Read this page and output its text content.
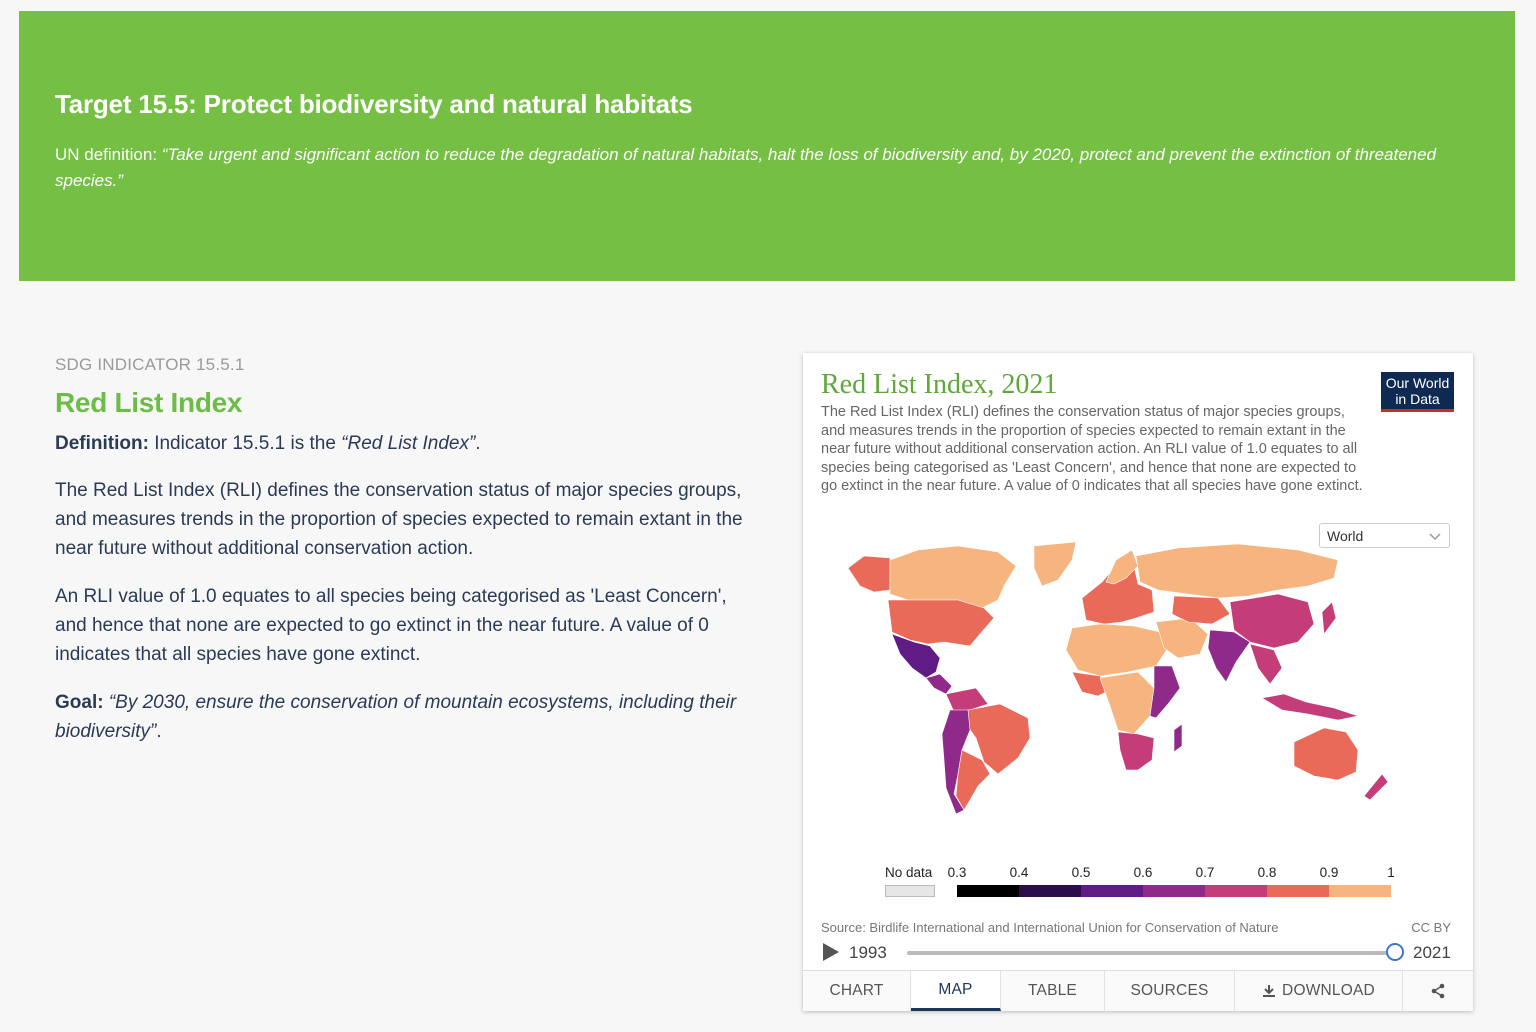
Target 15.5: Protect biodiversity and natural habitats
UN definition: “Take urgent and significant action to reduce the degradation of natural habitats, halt the loss of biodiversity and, by 2020, protect and prevent the extinction of threatened species.”
SDG INDICATOR 15.5.1
Red List Index

Definition: Indicator 15.5.1 is the “Red List Index”.

The Red List Index (RLI) defines the conservation status of major species groups, and measures trends in the proportion of species expected to remain extant in the near future without additional conservation action.

An RLI value of 1.0 equates to all species being categorised as 'Least Concern', and hence that none are expected to go extinct in the near future. A value of 0 indicates that all species have gone extinct.

Goal: “By 2030, ensure the conservation of mountain ecosystems, including their biodiversity”.

Red List Index, 2021
The Red List Index (RLI) defines the conservation status of major species groups, and measures trends in the proportion of species expected to remain extant in the near future without additional conservation action. An RLI value of 1.0 equates to all species being categorised as 'Least Concern', and hence that none are expected to go extinct in the near future. A value of 0 indicates that all species have gone extinct.
Our World
in Data
World
No data 0.3	0.4	0.5	0.6	0.7	0.8	0.9	1
Source: Birdlife International and International Union for Conservation of Nature	CC BY
1993	2021
CHART	MAP	TABLE	SOURCES	DOWNLOAD
